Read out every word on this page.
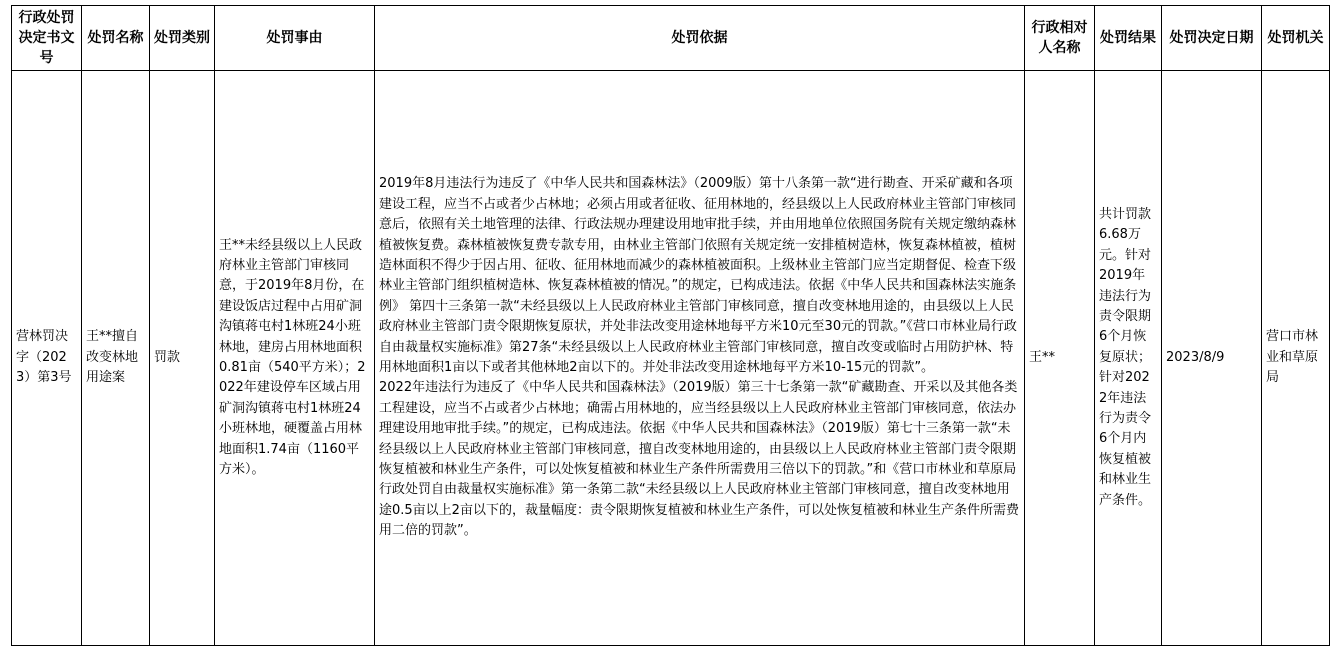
行政处罚决定书文号	处罚名称	处罚类别	处罚事由	处罚依据	行政相对人名称	处罚结果	处罚决定日期	处罚机关
营林罚决字（2023）第3号	王**擅自改变林地用途案	罚款	王**未经县级以上人民政府林业主管部门审核同意，于2019年8月份，在建设饭店过程中占用矿洞沟镇蒋屯村1林班24小班林地，建房占用林地面积0.81亩（540平方米）；2022年建设停车区域占用矿洞沟镇蒋屯村1林班24小班林地，硬覆盖占用林地面积1.74亩（1160平方米）。	2019年8月违法行为违反了《中华人民共和国森林法》（2009版）第十八条第一款“进行勘查、开采矿藏和各项建设工程，应当不占或者少占林地；必须占用或者征收、征用林地的，经县级以上人民政府林业主管部门审核同意后，依照有关土地管理的法律、行政法规办理建设用地审批手续，并由用地单位依照国务院有关规定缴纳森林植被恢复费。森林植被恢复费专款专用，由林业主管部门依照有关规定统一安排植树造林，恢复森林植被，植树造林面积不得少于因占用、征收、征用林地而减少的森林植被面积。上级林业主管部门应当定期督促、检查下级林业主管部门组织植树造林、恢复森林植被的情况。”的规定，已构成违法。依据《中华人民共和国森林法实施条例》 第四十三条第一款“未经县级以上人民政府林业主管部门审核同意，擅自改变林地用途的，由县级以上人民政府林业主管部门责令限期恢复原状，并处非法改变用途林地每平方米10元至30元的罚款。”《营口市林业局行政自由裁量权实施标准》第27条“未经县级以上人民政府林业主管部门审核同意，擅自改变或临时占用防护林、特用林地面积1亩以下或者其他林地2亩以下的。并处非法改变用途林地每平方米10-15元的罚款”。

2022年违法行为违反了《中华人民共和国森林法》（2019版）第三十七条第一款“矿藏勘查、开采以及其他各类工程建设，应当不占或者少占林地；确需占用林地的，应当经县级以上人民政府林业主管部门审核同意，依法办理建设用地审批手续。”的规定，已构成违法。依据《中华人民共和国森林法》（2019版）第七十三条第一款“未经县级以上人民政府林业主管部门审核同意，擅自改变林地用途的，由县级以上人民政府林业主管部门责令限期恢复植被和林业生产条件，可以处恢复植被和林业生产条件所需费用三倍以下的罚款。”和《营口市林业和草原局行政处罚自由裁量权实施标准》第一条第二款“未经县级以上人民政府林业主管部门审核同意，擅自改变林地用途0.5亩以上2亩以下的，裁量幅度：责令限期恢复植被和林业生产条件，可以处恢复植被和林业生产条件所需费用二倍的罚款”。	王**	共计罚款6.68万元。针对2019年违法行为责令限期6个月恢复原状；针对2022年违法行为责令6个月内恢复植被和林业生产条件。	2023/8/9	营口市林业和草原局
